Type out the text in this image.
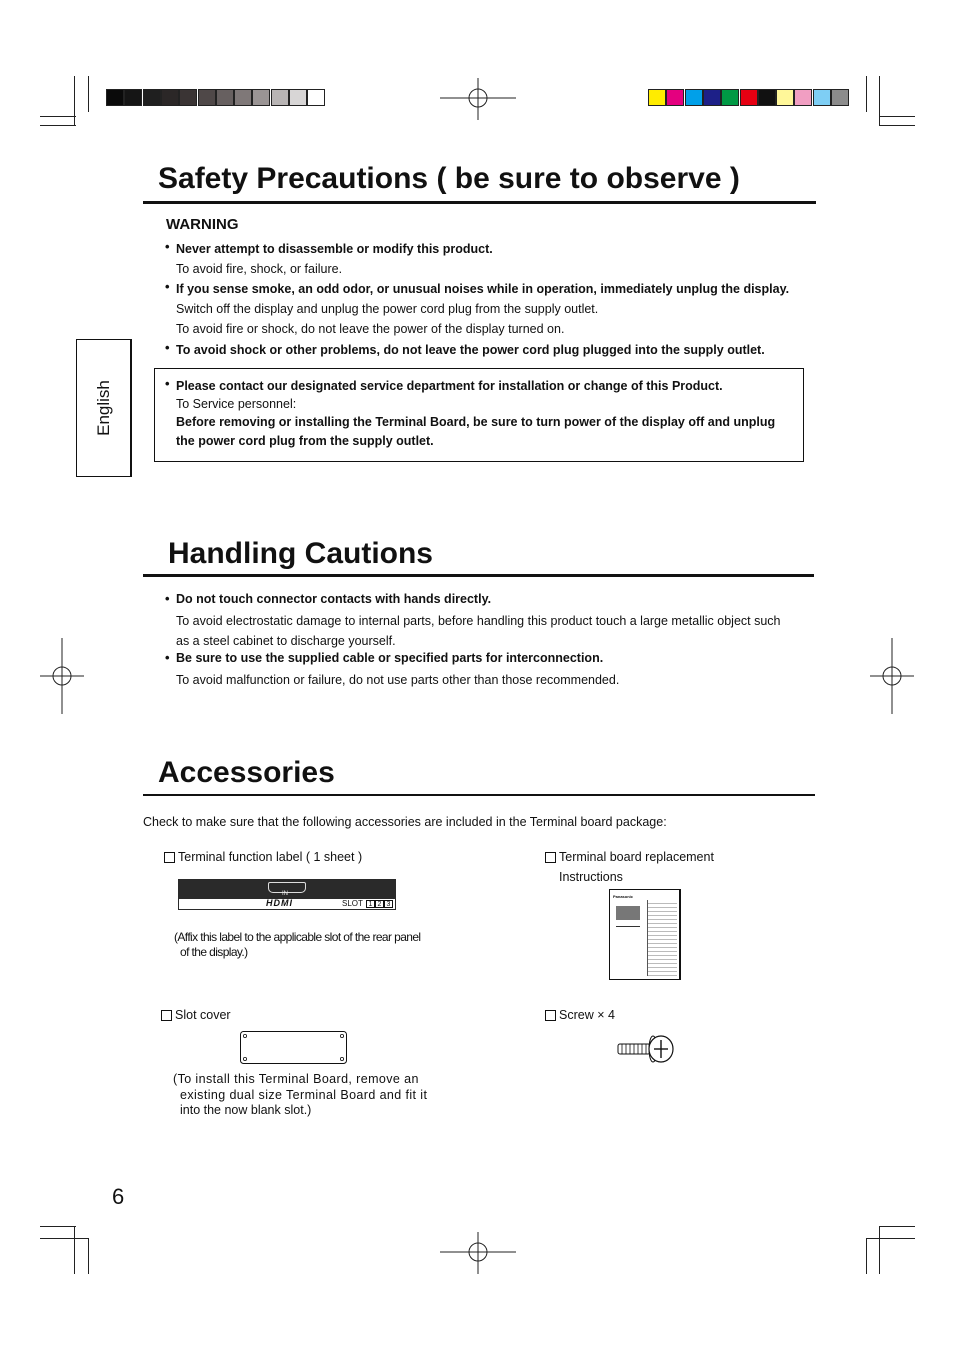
English
Safety Precautions ( be sure to observe )
WARNING
• Never attempt to disassemble or modify this product.
To avoid fire, shock, or failure.
• If you sense smoke, an odd odor, or unusual noises while in operation, immediately unplug the display.
Switch off the display and unplug the power cord plug from the supply outlet.
To avoid fire or shock, do not leave the power of the display turned on.
• To avoid shock or other problems, do not leave the power cord plug plugged into the supply outlet.
• Please contact our designated service department for installation or change of this Product.
To Service personnel:
Before removing or installing the Terminal Board, be sure to turn power of the display off and unplug
the power cord plug from the supply outlet.
Handling Cautions
• Do not touch connector contacts with hands directly.
To avoid electrostatic damage to internal parts, before handling this product touch a large metallic object such
as a steel cabinet to discharge yourself.
• Be sure to use the supplied cable or specified parts for interconnection.
To avoid malfunction or failure, do not use parts other than those recommended.
Accessories
Check to make sure that the following accessories are included in the Terminal board package:
Terminal function label ( 1 sheet )
IN
HDMI	SLOT 1 2 3
(Affix this label to the applicable slot of the rear panel
of the display.)
Terminal board replacement
Instructions
Panasonic
Slot cover
(To install this Terminal Board, remove an
existing dual size Terminal Board and fit it
into the now blank slot.)
Screw × 4
6
